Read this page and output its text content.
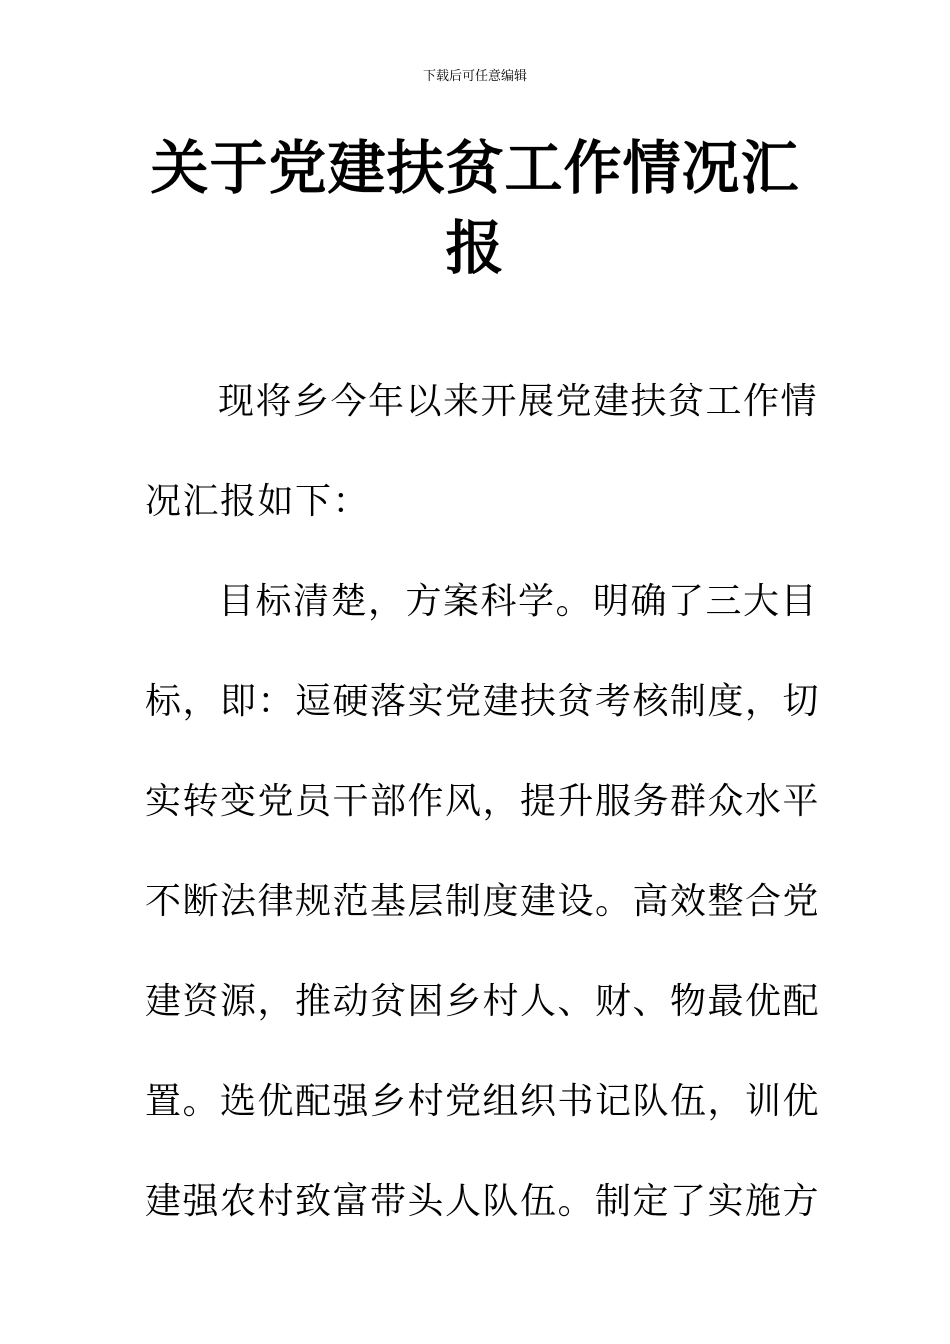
下载后可任意编辑
关于党建扶贫工作情况汇
报

现将乡今年以来开展党建扶贫工作情
况汇报如下：

目标清楚，方案科学。明确了三大目
标，即：逗硬落实党建扶贫考核制度，切
实转变党员干部作风，提升服务群众水平
不断法律规范基层制度建设。高效整合党
建资源，推动贫困乡村人、财、物最优配
置。选优配强乡村党组织书记队伍，训优
建强农村致富带头人队伍。制定了实施方
